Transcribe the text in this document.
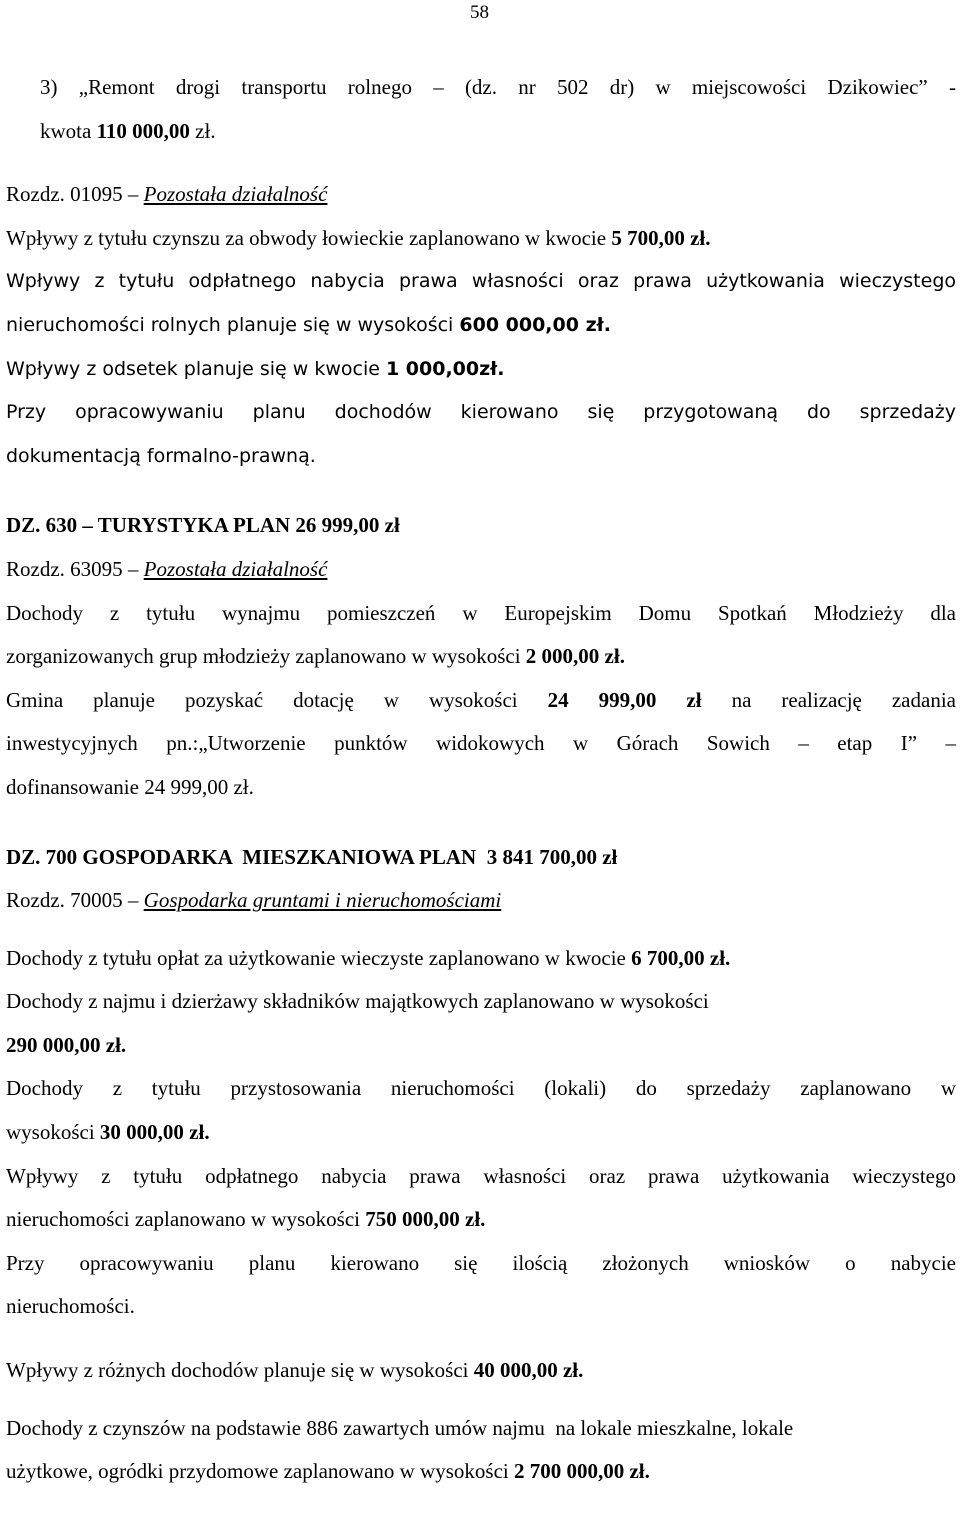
58
3) „Remont drogi transportu rolnego – (dz. nr 502 dr) w miejscowości Dzikowiec” -
kwota 110 000,00 zł.
Rozdz. 01095 – Pozostała działalność
Wpływy z tytułu czynszu za obwody łowieckie zaplanowano w kwocie 5 700,00 zł.
Wpływy z tytułu odpłatnego nabycia prawa własności oraz prawa użytkowania wieczystego
nieruchomości rolnych planuje się w wysokości 600 000,00 zł.
Wpływy z odsetek planuje się w kwocie 1 000,00zł.
Przy opracowywaniu planu dochodów kierowano się przygotowaną do sprzedaży
dokumentacją formalno-prawną.
DZ. 630 – TURYSTYKA PLAN 26 999,00 zł
Rozdz. 63095 – Pozostała działalność
Dochody z tytułu wynajmu pomieszczeń w Europejskim Domu Spotkań Młodzieży dla
zorganizowanych grup młodzieży zaplanowano w wysokości 2 000,00 zł.
Gmina planuje pozyskać dotację w wysokości 24 999,00 zł na realizację zadania
inwestycyjnych pn.:„Utworzenie punktów widokowych w Górach Sowich – etap I” –
dofinansowanie 24 999,00 zł.
DZ. 700 GOSPODARKA  MIESZKANIOWA PLAN  3 841 700,00 zł
Rozdz. 70005 – Gospodarka gruntami i nieruchomościami
Dochody z tytułu opłat za użytkowanie wieczyste zaplanowano w kwocie 6 700,00 zł.
Dochody z najmu i dzierżawy składników majątkowych zaplanowano w wysokości
290 000,00 zł.
Dochody z tytułu przystosowania nieruchomości (lokali) do sprzedaży zaplanowano w
wysokości 30 000,00 zł.
Wpływy z tytułu odpłatnego nabycia prawa własności oraz prawa użytkowania wieczystego
nieruchomości zaplanowano w wysokości 750 000,00 zł.
Przy opracowywaniu planu kierowano się ilością złożonych wniosków o nabycie
nieruchomości.
Wpływy z różnych dochodów planuje się w wysokości 40 000,00 zł.
Dochody z czynszów na podstawie 886 zawartych umów najmu  na lokale mieszkalne, lokale
użytkowe, ogródki przydomowe zaplanowano w wysokości 2 700 000,00 zł.
